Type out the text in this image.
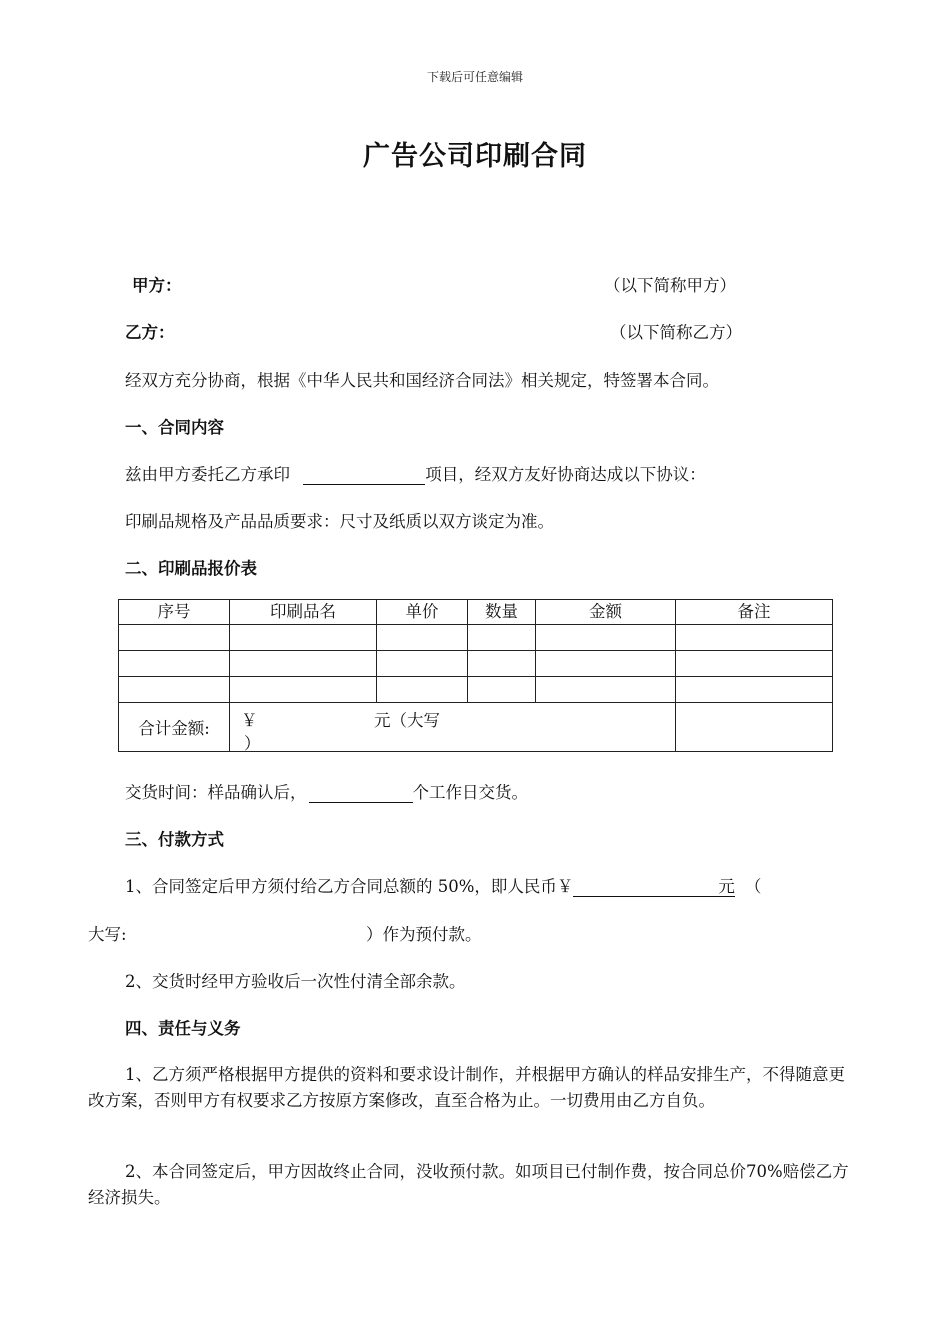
下载后可任意编辑
广告公司印刷合同
甲方：	（以下简称甲方）
乙方：	（以下简称乙方）
经双方充分协商，根据《中华人民共和国经济合同法》相关规定，特签署本合同。
一、合同内容
兹由甲方委托乙方承印	项目，经双方友好协商达成以下协议：
印刷品规格及产品品质要求：尺寸及纸质以双方谈定为准。
二、印刷品报价表
序号	印刷品名	单价	数量	金额	备注

合计金额:	￥ 元（大写
）				

交货时间：样品确认后，	个工作日交货。
三、付款方式
1、合同签定后甲方须付给乙方合同总额的 50%，即人民币￥	元 （
大写:	）作为预付款。
2、交货时经甲方验收后一次性付清全部余款。
四、责任与义务
1、乙方须严格根据甲方提供的资料和要求设计制作，并根据甲方确认的样品安排生产，不得随意更改方案，否则甲方有权要求乙方按原方案修改，直至合格为止。一切费用由乙方自负。
2、本合同签定后，甲方因故终止合同，没收预付款。如项目已付制作费，按合同总价70%赔偿乙方经济损失。
